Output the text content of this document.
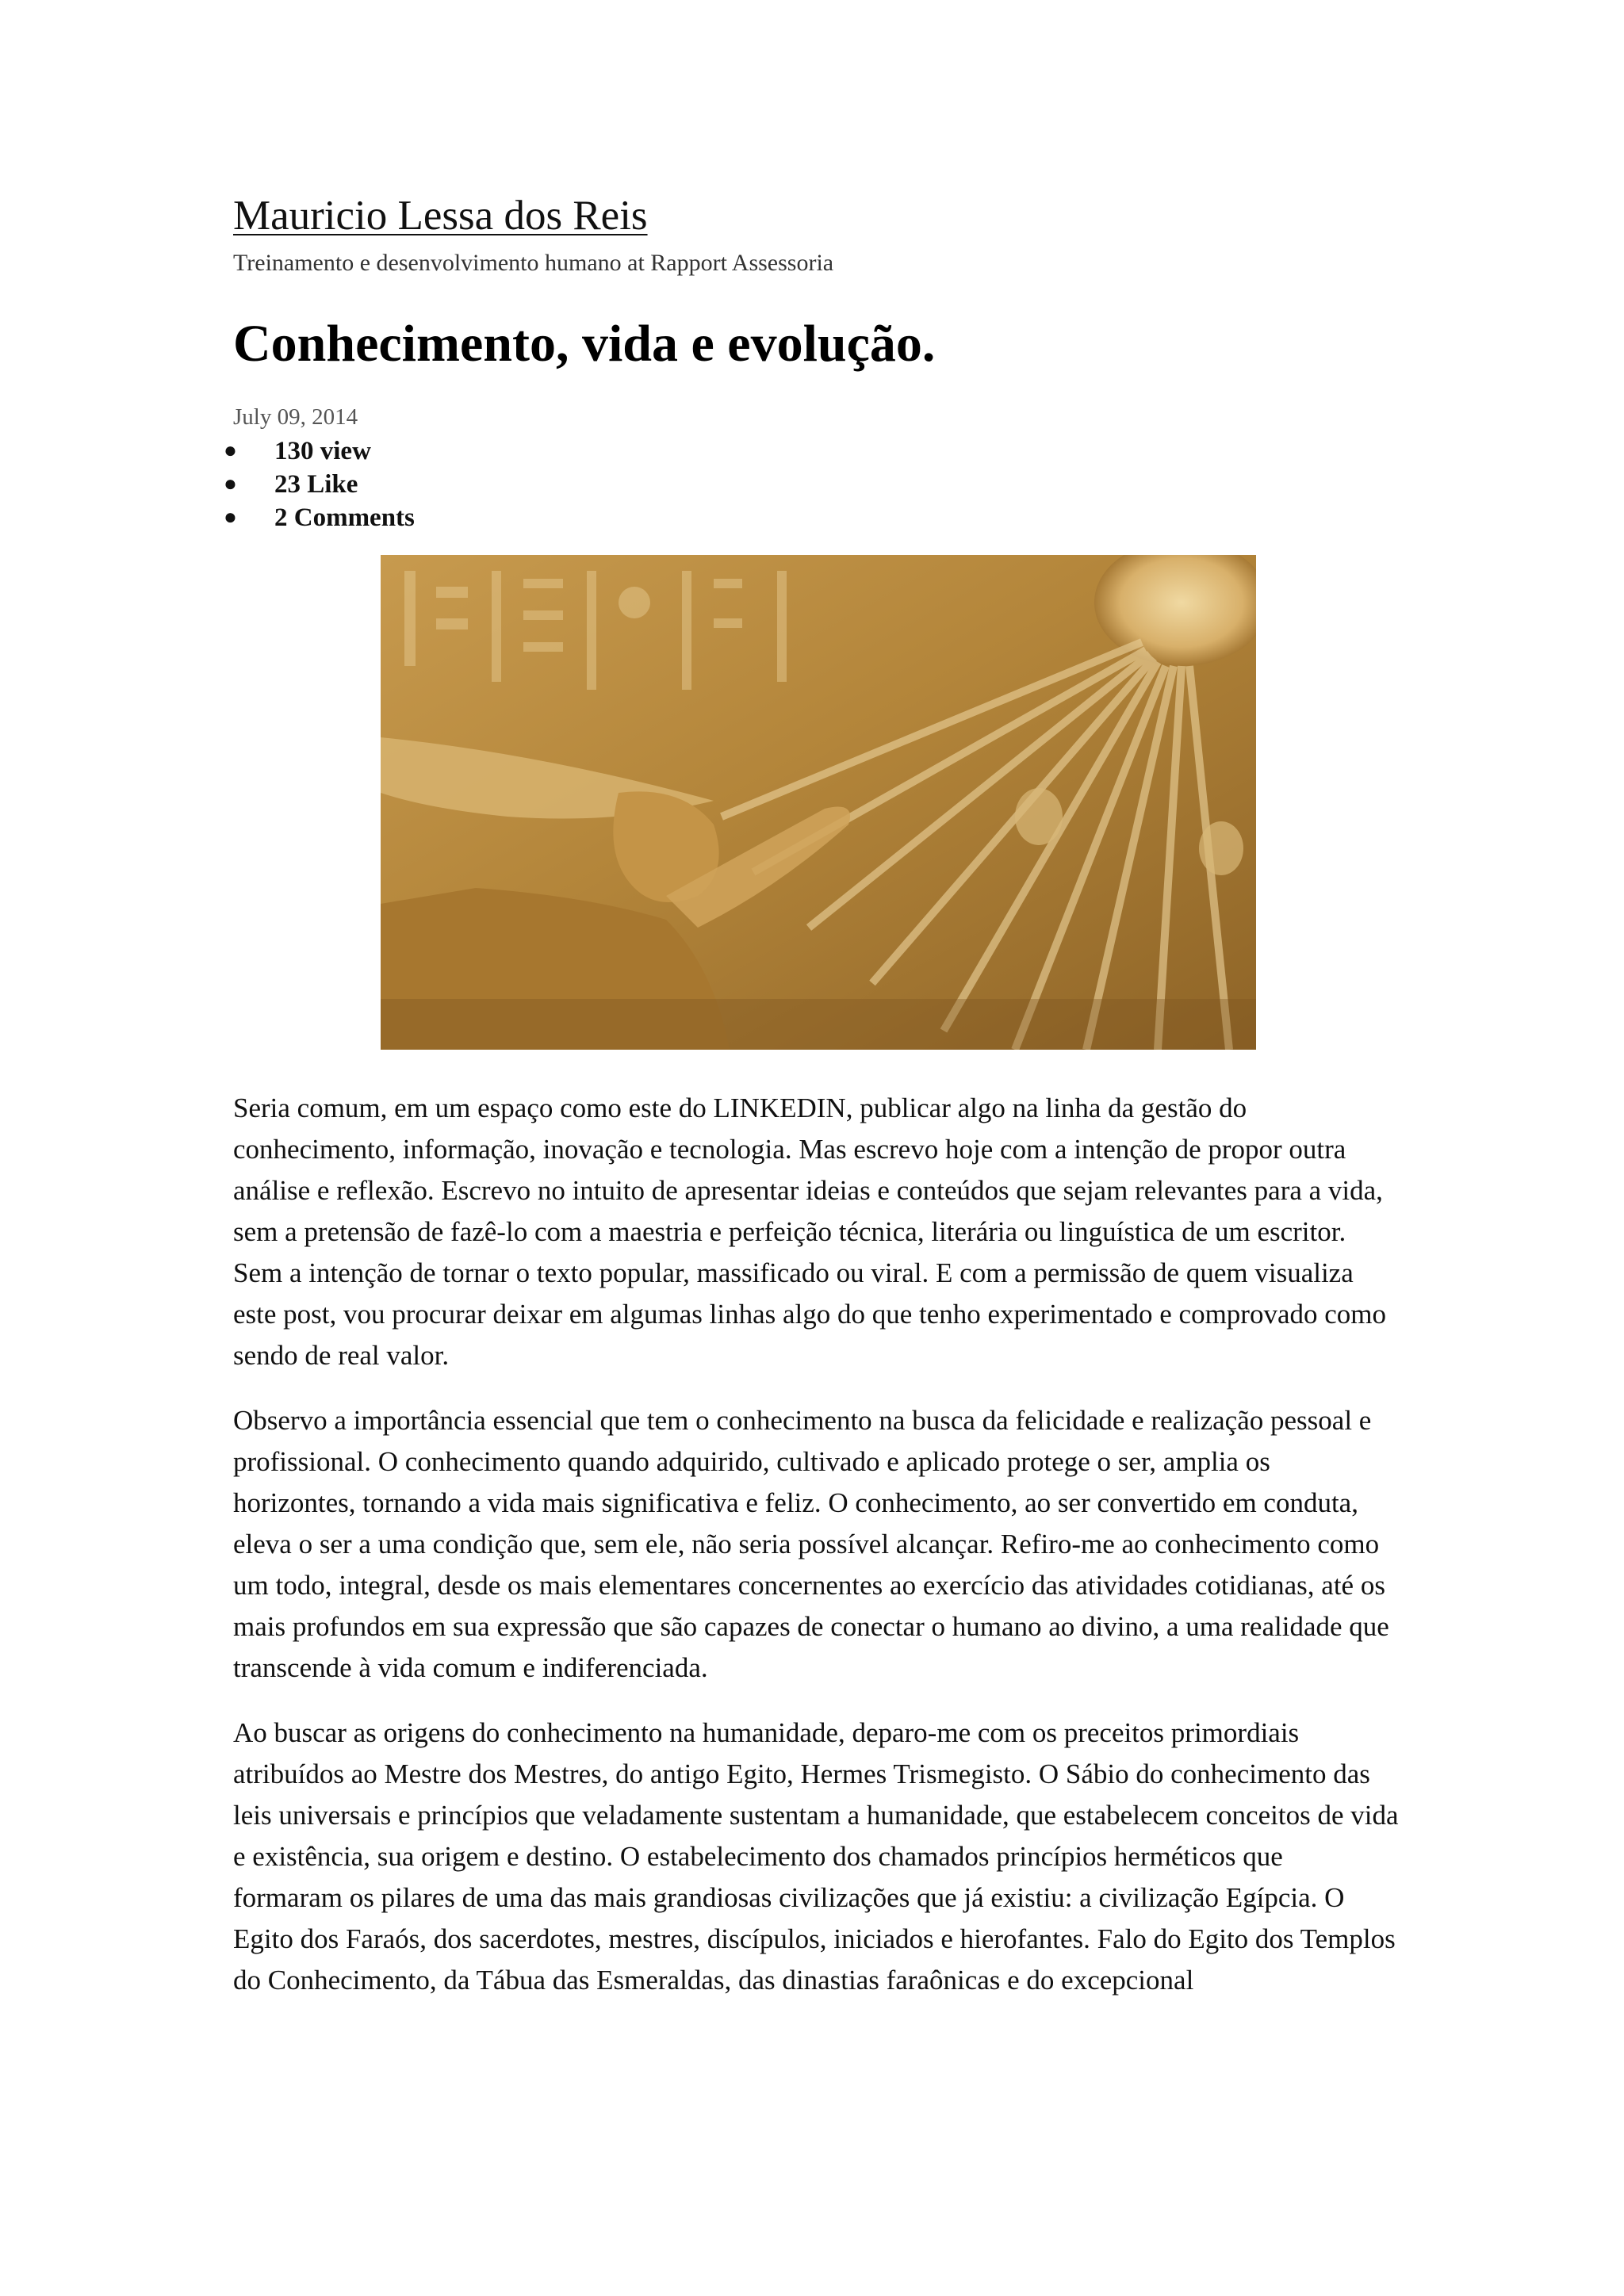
Mauricio Lessa dos Reis
Treinamento e desenvolvimento humano at Rapport Assessoria
Conhecimento, vida e evolução.
July 09, 2014
● 130 view
● 23 Like
● 2 Comments

Seria comum, em um espaço como este do LINKEDIN, publicar algo na linha da gestão do conhecimento, informação, inovação e tecnologia. Mas escrevo hoje com a intenção de propor outra análise e reflexão. Escrevo no intuito de apresentar ideias e conteúdos que sejam relevantes para a vida, sem a pretensão de fazê-lo com a maestria e perfeição técnica, literária ou linguística de um escritor. Sem a intenção de tornar o texto popular, massificado ou viral. E com a permissão de quem visualiza este post, vou procurar deixar em algumas linhas algo do que tenho experimentado e comprovado como sendo de real valor.

Observo a importância essencial que tem o conhecimento na busca da felicidade e realização pessoal e profissional. O conhecimento quando adquirido, cultivado e aplicado protege o ser, amplia os horizontes, tornando a vida mais significativa e feliz. O conhecimento, ao ser convertido em conduta, eleva o ser a uma condição que, sem ele, não seria possível alcançar. Refiro-me ao conhecimento como um todo, integral, desde os mais elementares concernentes ao exercício das atividades cotidianas, até os mais profundos em sua expressão que são capazes de conectar o humano ao divino, a uma realidade que transcende à vida comum e indiferenciada.

Ao buscar as origens do conhecimento na humanidade, deparo-me com os preceitos primordiais atribuídos ao Mestre dos Mestres, do antigo Egito, Hermes Trismegisto. O Sábio do conhecimento das leis universais e princípios que veladamente sustentam a humanidade, que estabelecem conceitos de vida e existência, sua origem e destino. O estabelecimento dos chamados princípios herméticos que formaram os pilares de uma das mais grandiosas civilizações que já existiu: a civilização Egípcia. O Egito dos Faraós, dos sacerdotes, mestres, discípulos, iniciados e hierofantes. Falo do Egito dos Templos do Conhecimento, da Tábua das Esmeraldas, das dinastias faraônicas e do excepcional
